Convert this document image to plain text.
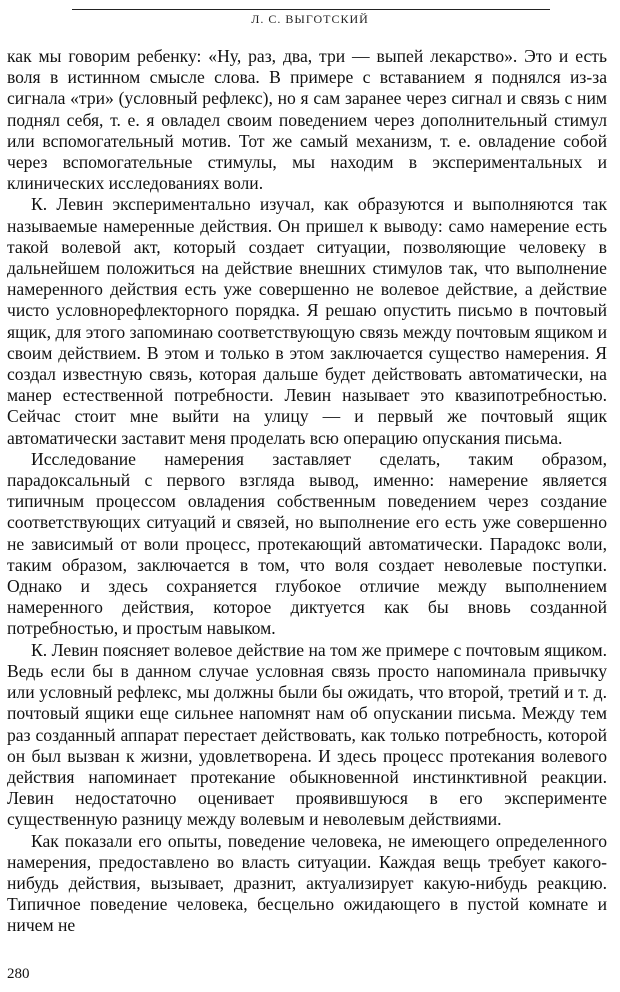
Л. С. ВЫГОТСКИЙ

как мы говорим ребенку: «Ну, раз, два, три — выпей лекарство». Это и есть воля в истинном смысле слова. В примере с вставанием я поднялся из-за сигнала «три» (условный рефлекс), но я сам заранее через сигнал и связь с ним поднял себя, т. е. я овладел своим поведением через дополнительный стимул или вспомогательный мотив. Тот же самый механизм, т. е. овладение собой через вспомогательные стимулы, мы находим в экспериментальных и клинических исследованиях воли.

К. Левин экспериментально изучал, как образуются и выполняются так называемые намеренные действия. Он пришел к выводу: само намерение есть такой волевой акт, который создает ситуации, позволяющие человеку в дальнейшем положиться на действие внешних стимулов так, что выполнение намеренного действия есть уже совершенно не волевое действие, а действие чисто условнорефлекторного порядка. Я решаю опустить письмо в почтовый ящик, для этого запоминаю соответствующую связь между почтовым ящиком и своим действием. В этом и только в этом заключается существо намерения. Я создал известную связь, которая дальше будет действовать автоматически, на манер естественной потребности. Левин называет это квазипотребностью. Сейчас стоит мне выйти на улицу — и первый же почтовый ящик автоматически заставит меня проделать всю операцию опускания письма.

Исследование намерения заставляет сделать, таким образом, парадоксальный с первого взгляда вывод, именно: намерение является типичным процессом овладения собственным поведением через создание соответствующих ситуаций и связей, но выполнение его есть уже совершенно не зависимый от воли процесс, протекающий автоматически. Парадокс воли, таким образом, заключается в том, что воля создает неволевые поступки. Однако и здесь сохраняется глубокое отличие между выполнением намеренного действия, которое диктуется как бы вновь созданной потребностью, и простым навыком.

К. Левин поясняет волевое действие на том же примере с почтовым ящиком. Ведь если бы в данном случае условная связь просто напоминала привычку или условный рефлекс, мы должны были бы ожидать, что второй, третий и т. д. почтовый ящики еще сильнее напомнят нам об опускании письма. Между тем раз созданный аппарат перестает действовать, как только потребность, которой он был вызван к жизни, удовлетворена. И здесь процесс протекания волевого действия напоминает протекание обыкновенной инстинктивной реакции. Левин недостаточно оценивает проявившуюся в его эксперименте существенную разницу между волевым и неволевым действиями.

Как показали его опыты, поведение человека, не имеющего определенного намерения, предоставлено во власть ситуации. Каждая вещь требует какого-нибудь действия, вызывает, дразнит, актуализирует какую-нибудь реакцию. Типичное поведение человека, бесцельно ожидающего в пустой комнате и ничем не

280
